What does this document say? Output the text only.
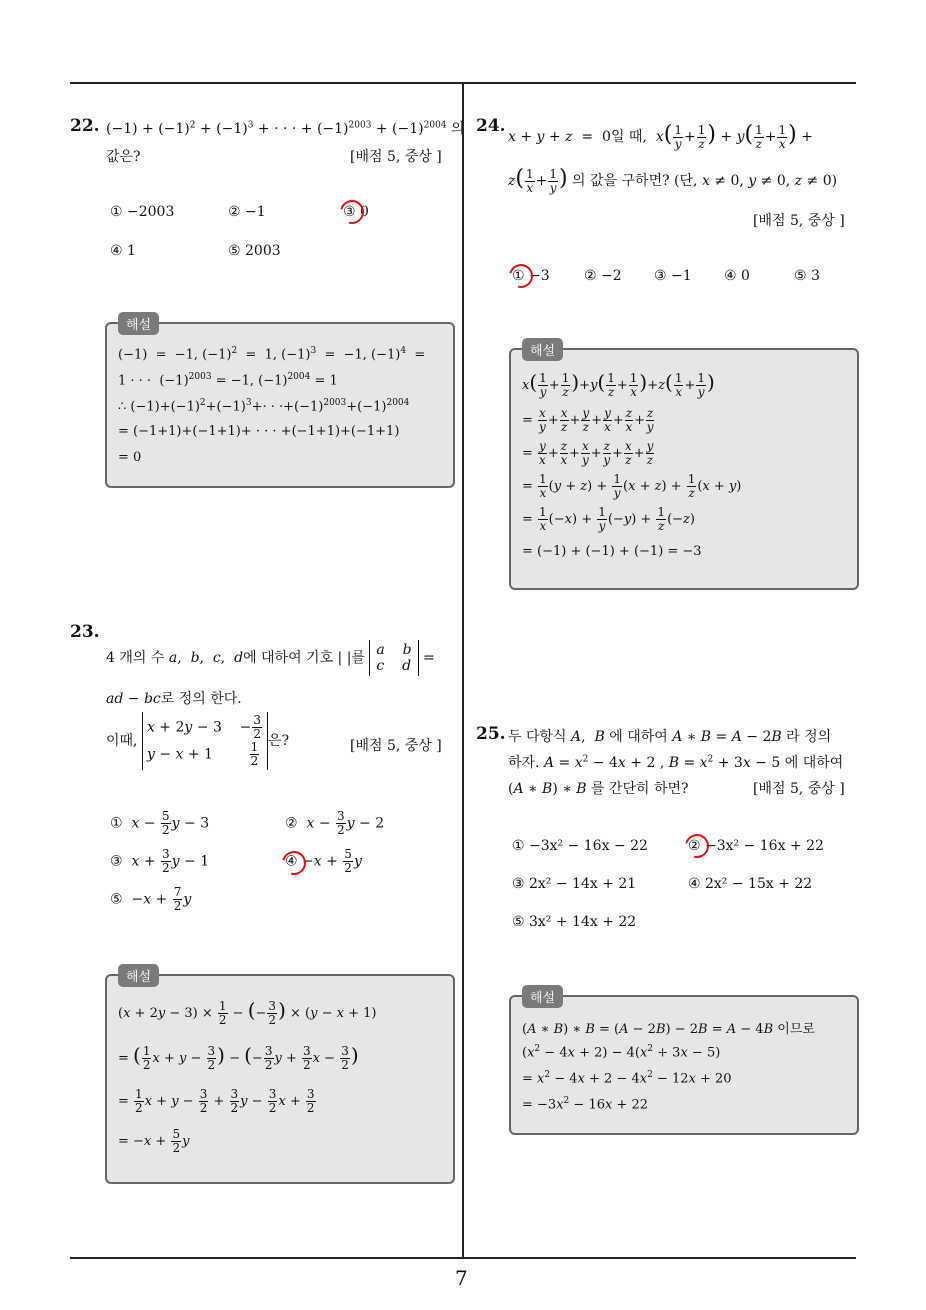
7
22. $(-1) + (-1)^2 + (-1)^3$ + · · · + $(-1)^{2003} + (-1)^{2004}$ 의
값은?	[배점 5, 중상 ]
① −2003	② −1	③ 0
④ 1	⑤ 2003
해설
(−1)  =  −1, $(-1)^2 = 1$, $(-1)^3 = -1$, $(-1)^4$  =
1 · · ·  $(-1)^{2003} = -1$, $(-1)^{2004} = 1$
∴ $(-1)+(-1)^2+(-1)^3+\cdot \cdot \cdot+(-1)^{2003}+(-1)^{2004}$
= (−1+1)+(−1+1)+ · · · +(−1+1)+(−1+1)
= 0
24.
x + y + z  =  0일 때, $x( \frac{1}{y} + \frac{1}{z}$ ) + $y( \frac{1}{z} + \frac{1}{x}$ ) +
$z( \frac{1}{x} + \frac{1}{y}$ ) 의 값을 구하면? (단, x ≠ 0, y ≠ 0, z ≠ 0)
[배점 5, 중상 ]
① −3 ② −2 ③ −1 ④ 0	⑤ 3
해설
$x( \frac{1}{y} + \frac{1}{z} )+y( \frac{1}{z} + \frac{1}{x} )+z( \frac{1}{x} + \frac{1}{y}$ )
= $\frac{x}{y} + \frac{x}{z} + \frac{y}{z} + \frac{y}{x} + \frac{z}{x} + \frac{z}{y}$
= $\frac{y}{x} + \frac{z}{x} + \frac{x}{y} + \frac{z}{y} + \frac{x}{z} + \frac{y}{z}$
= $\frac{1}{x} (y + z) + \frac{1}{y} (x + z) + \frac{1}{z} (x + y)$
= $\frac{1}{x} (-x) + \frac{1}{y} (-y) + \frac{1}{z} (-z)$
= (−1) + (−1) + (−1) = −3
23.
4 개의 수 a,  b,  c,  d에 대하여 기호 | |를 a b
c d =
ad − bc로 정의 한다.
이때, x + 2y − 3    − $\frac{3}{2}$

$y - x + 1 \frac{1}{2}$ 은?	[배점 5, 중상 ]
① $x - \frac{5}{2}$ y − 3	② $x - \frac{3}{2}$ y − 2
③ $x + \frac{3}{2}$ y − 1	④ $-x + \frac{5}{2}$ y
⑤  $-x + \frac{7}{2}$ y
해설
$(x + 2y - 3) \times \frac{1}{2}$ − (− $\frac{3}{2}$ ) × (y − x + 1)
= ( $\frac{1}{2}$ $x + y - \frac{3}{2}$ ) − (− $\frac{3}{2}$ $y + \frac{3}{2}$ $x - \frac{3}{2}$ )
= $\frac{1}{2}$ $x + y - \frac{3}{2} + \frac{3}{2}$ $y - \frac{3}{2}$ $x + \frac{3}{2}$
= $-x + \frac{5}{2}$ y
25. 두 다항식 A,  B 에 대하여 A ∗ B = A − 2B 라 정의
하자. $A = x^2 - 4x + 2$ , $B = x^2 + 3x - 5$ 에 대하여
(A ∗ B) ∗ B 를 간단히 하면?	[배점 5, 중상 ]
① −3x² − 16x − 22	② −3x² − 16x + 22
③ 2x² − 14x + 21	④ 2x² − 15x + 22
⑤ 3x² + 14x + 22
해설
(A ∗ B) ∗ B = (A − 2B) − 2B = A − 4B 이므로
$(x^2 - 4x + 2) - 4(x^2 + 3x - 5)$
= $x^2 - 4x + 2 - 4x^2 - 12x + 20$
= $-3x^2 - 16x + 22$
